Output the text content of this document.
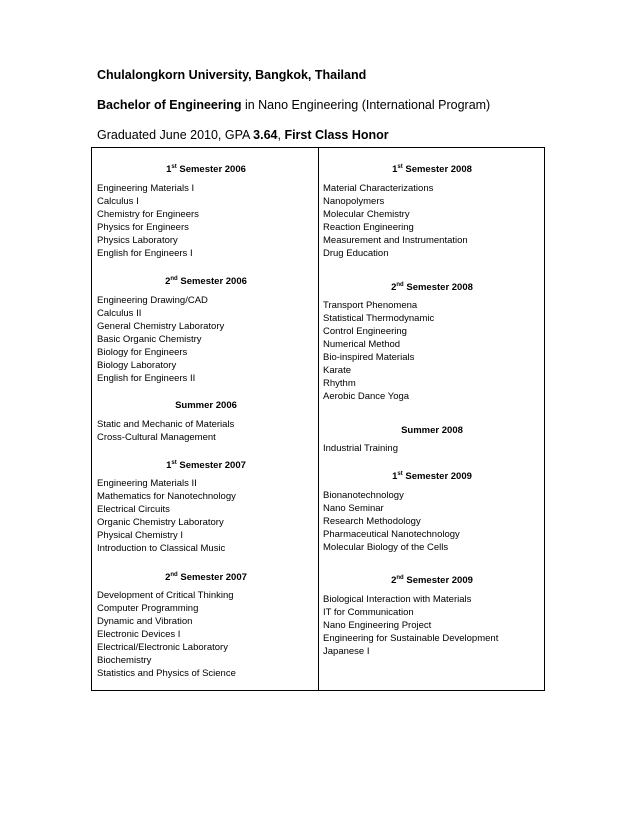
Chulalongkorn University, Bangkok, Thailand

Bachelor of Engineering in Nano Engineering (International Program)

Graduated June 2010, GPA 3.64, First Class Honor

1st Semester 2006
Engineering Materials I
Calculus I
Chemistry for Engineers
Physics for Engineers
Physics Laboratory
English for Engineers I
2nd Semester 2006
Engineering Drawing/CAD
Calculus II
General Chemistry Laboratory
Basic Organic Chemistry
Biology for Engineers
Biology Laboratory
English for Engineers II
Summer 2006
Static and Mechanic of Materials
Cross-Cultural Management
1st Semester 2007
Engineering Materials II
Mathematics for Nanotechnology
Electrical Circuits
Organic Chemistry Laboratory
Physical Chemistry I
Introduction to Classical Music
2nd Semester 2007
Development of Critical Thinking
Computer Programming
Dynamic and Vibration
Electronic Devices I
Electrical/Electronic Laboratory
Biochemistry
Statistics and Physics of Science
1st Semester 2008
Material Characterizations
Nanopolymers
Molecular Chemistry
Reaction Engineering
Measurement and Instrumentation
Drug Education
2nd Semester 2008
Transport Phenomena
Statistical Thermodynamic
Control Engineering
Numerical Method
Bio-inspired Materials
Karate
Rhythm
Aerobic Dance Yoga
Summer 2008
Industrial Training
1st Semester 2009
Bionanotechnology
Nano Seminar
Research Methodology
Pharmaceutical Nanotechnology
Molecular Biology of the Cells
2nd Semester 2009
Biological Interaction with Materials
IT for Communication
Nano Engineering Project
Engineering for Sustainable Development
Japanese I
